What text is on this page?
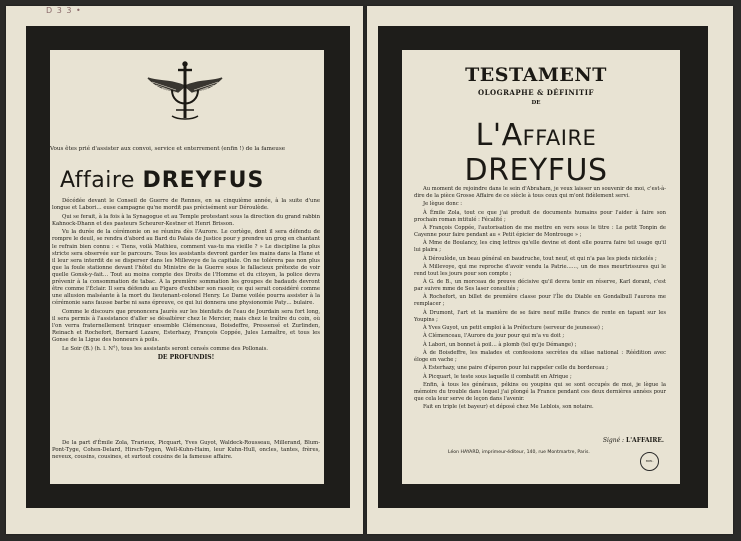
D 3 3 •
Vous êtes prié d'assister aux convoi, service et enterrement (enfin !) de la fameuse
Affaire DREYFUS

Décédée devant le Conseil de Guerre de Rennes, en sa cinquième année, à la suite d'une longue et Labori… euse campagne qu'ne mordit pas précisément sur Déroulède.

Qui se ferait, à la fois à la Synagogue et au Temple protestant sous la direction du grand rabbin Kahnock-Dhann et des pasteurs Scheurer-Kestner et Henri Brisson.

Vu la durée de la cérémonie on se réunira dès l'Aurore. Le cortège, dont il sera défendu de rompre le deuil, se rendra d'abord au Bard du Palais de Justice pour y prendre un grog en chantant le refrain bien connu : « Tiens, voilà Mathieu, comment vas-tu ma vieille ? » Le discipline la plus stricte sera observée sur le parcours. Tous les assistants devront garder les mains dans la Hane et il leur sera interdit de se disperser dans les Millevoye de la capitale. On ne tolérera pas non plus que la foule stationne devant l'hôtel du Ministre de la Guerre sous le fallacieux prétexte de voir quelle Gonsk-y-fait… Tout au moins compte des Droits de l'Homme et du citoyen, la police devra prévenir à la consommation de tabac. À la première sommation les groupes de badauds devront être comme l'Éclair. Il sera défendu au Figaro d'exhiber son rasoir, ce qui serait considéré comme une allusion malséante à la mort du lieutenant-colonel Henry. Le Dame voilée pourra assister à la cérémonie sans fausse barbe ni sans épreuve, ce qui lui donnera une physionomie Paty… bulaire.

Comme le discours que prononcera Jaurès sur les bienfaits de l'eau de Jourdain sera fort long, il sera permis à l'assistance d'aller se désaltérer chez le Mercier, mais chez le traître du coin, où l'on verra fraternellement trinquer ensemble Clémenceau, Boisdeffre, Pressensé et Zurlinden, Reinach et Rochefort, Bernard Lazare, Esterhazy, François Coppée, Jules Lemaître, et tous les Gonse de la Ligue des honneurs à poils.

Le Soir (B.) (h. l. N°), tous les assistants seront censés comme des Pollonais.

DE PROFUNDIS!

De la part d'Émile Zola, Trarieux, Picquart, Yves Guyot, Waldeck-Rousseau, Millerand, Blum-Pont-Tyge, Cohen-Delard, Hirsch-Tygen, Well-Kuhn-Haim, leur Kuhn-Hull, oncles, tantes, frères, neveux, cousins, cousines, et surtout cousins de la fameuse affaire.
TESTAMENT
OLOGRAPHE & DÉFINITIF
DE
L'AFFAIRE DREYFUS

Au moment de rejoindre dans le sein d'Abraham, je veux laisser un souvenir de moi, c'est-à-dire de la pièce Grosse Affaire de ce siècle à tous ceux qui m'ont fidèlement servi.

Je lègue donc :

À Émile Zola, tout ce que j'ai produit de documents humains pour l'aider à faire son prochain roman intitulé : Fécalité ;

À François Coppée, l'autorisation de me mettre en vers sous le titre : Le petit Tonpin de Cayenne pour faire pendant au « Petit épicier de Montrouge » ;

À Mme de Boulancy, les cinq lettres qu'elle devine et dont elle pourra faire tel usage qu'il lui plaira ;

À Déroulède, un beau général en baudruche, tout neuf, et qui n'a pas les pieds nickelés ;

À Millevoye, qui me reproche d'avoir vendu la Patrie……, un de mes meurtrissures qui le rend tout les jours pour son compte ;

À G. de B., un morceau de preuve décisive qu'il devra tenir en réserve, Karl dorant, c'est par suivre mme de Ses laser consultés ;

À Rochefort, un billet de première classe pour l'Île du Diable en Gondalbull l'aurons me remplacer ;

À Drumont, l'art et la manière de se faire neuf mille francs de rente en tapant sur les Youpins ;

À Yves Guyot, un petit emploi à la Préfecture (serveur de jeunesse) ;

À Clémenceau, l'Aurore du jour pour qui m'a vu doit ;

À Labori, un bonnet à poil… à plomb (tel qu'je Démange) ;

À de Boisdeffre, les malades et confessions secrètes du siliae national : Réédition avec éloge en vache ;

À Esterhazy, une paire d'éperon pour lui rappeler celle du bordereau ;

À Picquart, le teste sous laquelle il combatit en Afrique ;

Enfin, à tous les généraux, pékins ou youpins qui se sont occupés de moi, je lègue la mémoire du trouble dans lequel j'ai plongé la France pendant ces deux dernières années pour que cela leur serve de leçon dans l'avenir.

Fait en triple (et bayeur) et déposé chez Me Leblois, son notaire.

Signé : L'AFFAIRE.
Léon HAYARD, imprimeur-éditeur, 140, rue Montmartre, Paris.
BIBL
